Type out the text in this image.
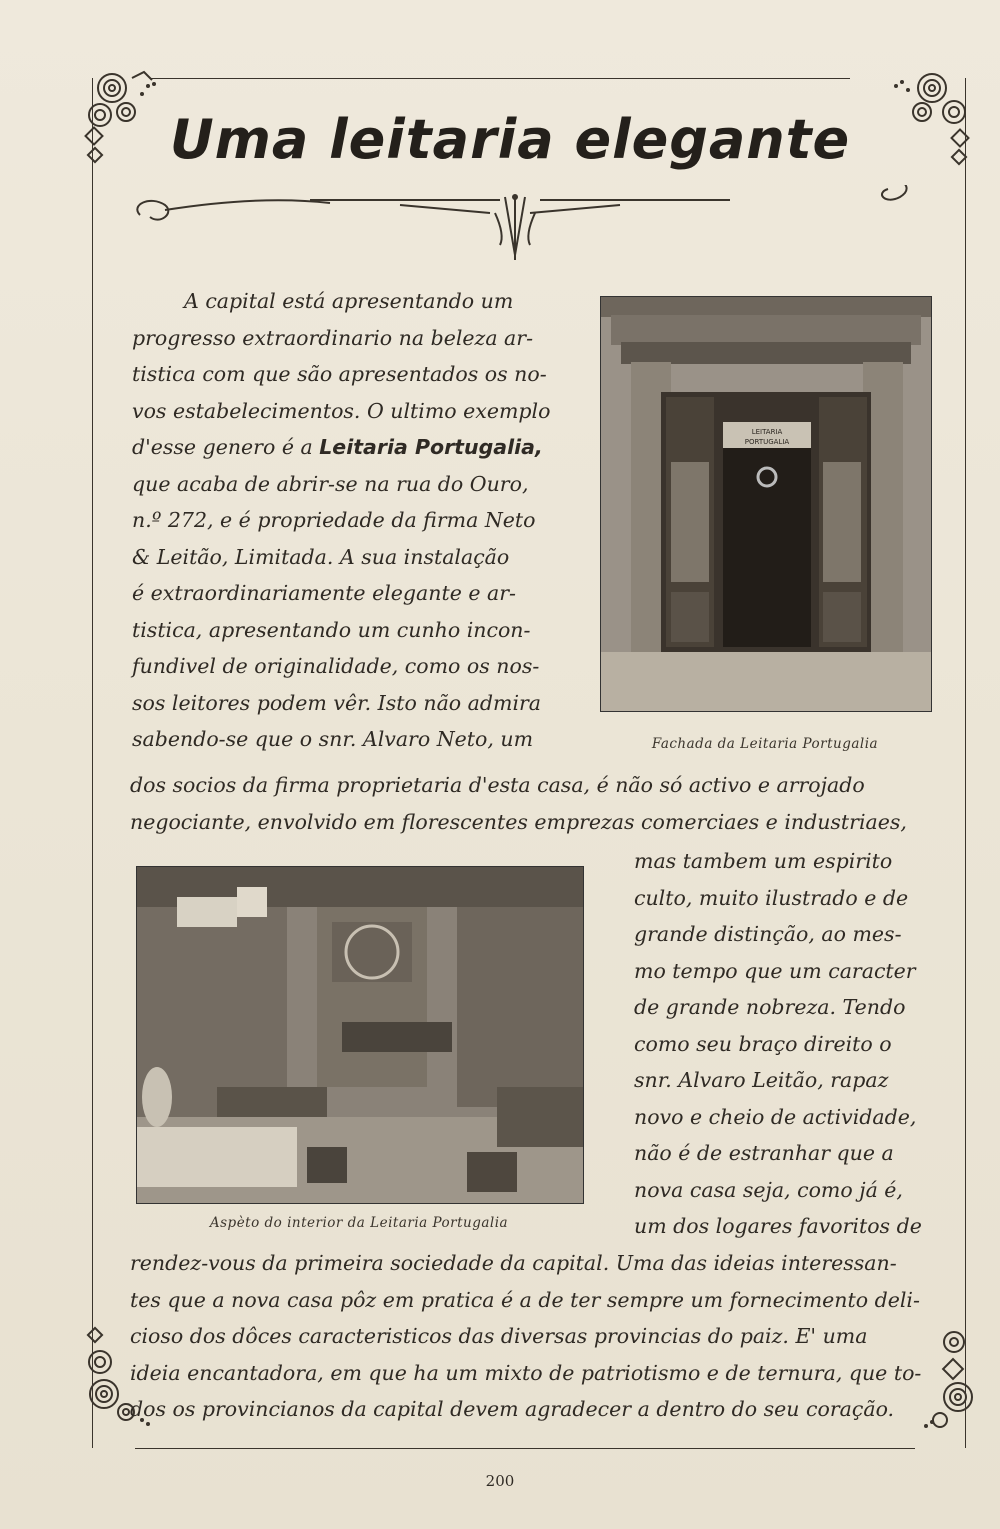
Uma leitaria elegante

A capital está apresentando um
progresso extraordinario na beleza ar-
tistica com que são apresentados os no-
vos estabelecimentos. O ultimo exemplo
d'esse genero é a Leitaria Portugalia,
que acaba de abrir-se na rua do Ouro,
n.º 272, e é propriedade da firma Neto
& Leitão, Limitada. A sua instalação
é extraordinariamente elegante e ar-
tistica, apresentando um cunho incon-
fundivel de originalidade, como os nos-
sos leitores podem vêr. Isto não admira
sabendo-se que o snr. Alvaro Neto, um

LEITARIA
PORTUGALIA
Fachada da Leitaria Portugalia

dos socios da firma proprietaria d'esta casa, é não só activo e arrojado
negociante, envolvido em florescentes emprezas comerciaes e industriaes,

Aspèto do interior da Leitaria Portugalia

mas tambem um espirito
culto, muito ilustrado e de
grande distinção, ao mes-
mo tempo que um caracter
de grande nobreza. Tendo
como seu braço direito o
snr. Alvaro Leitão, rapaz
novo e cheio de actividade,
não é de estranhar que a
nova casa seja, como já é,
um dos logares favoritos de

rendez-vous da primeira sociedade da capital. Uma das ideias interessan-
tes que a nova casa pôz em pratica é a de ter sempre um fornecimento deli-
cioso dos dôces caracteristicos das diversas provincias do paiz. E' uma
ideia encantadora, em que ha um mixto de patriotismo e de ternura, que to-
dos os provincianos da capital devem agradecer a dentro do seu coração.

200
